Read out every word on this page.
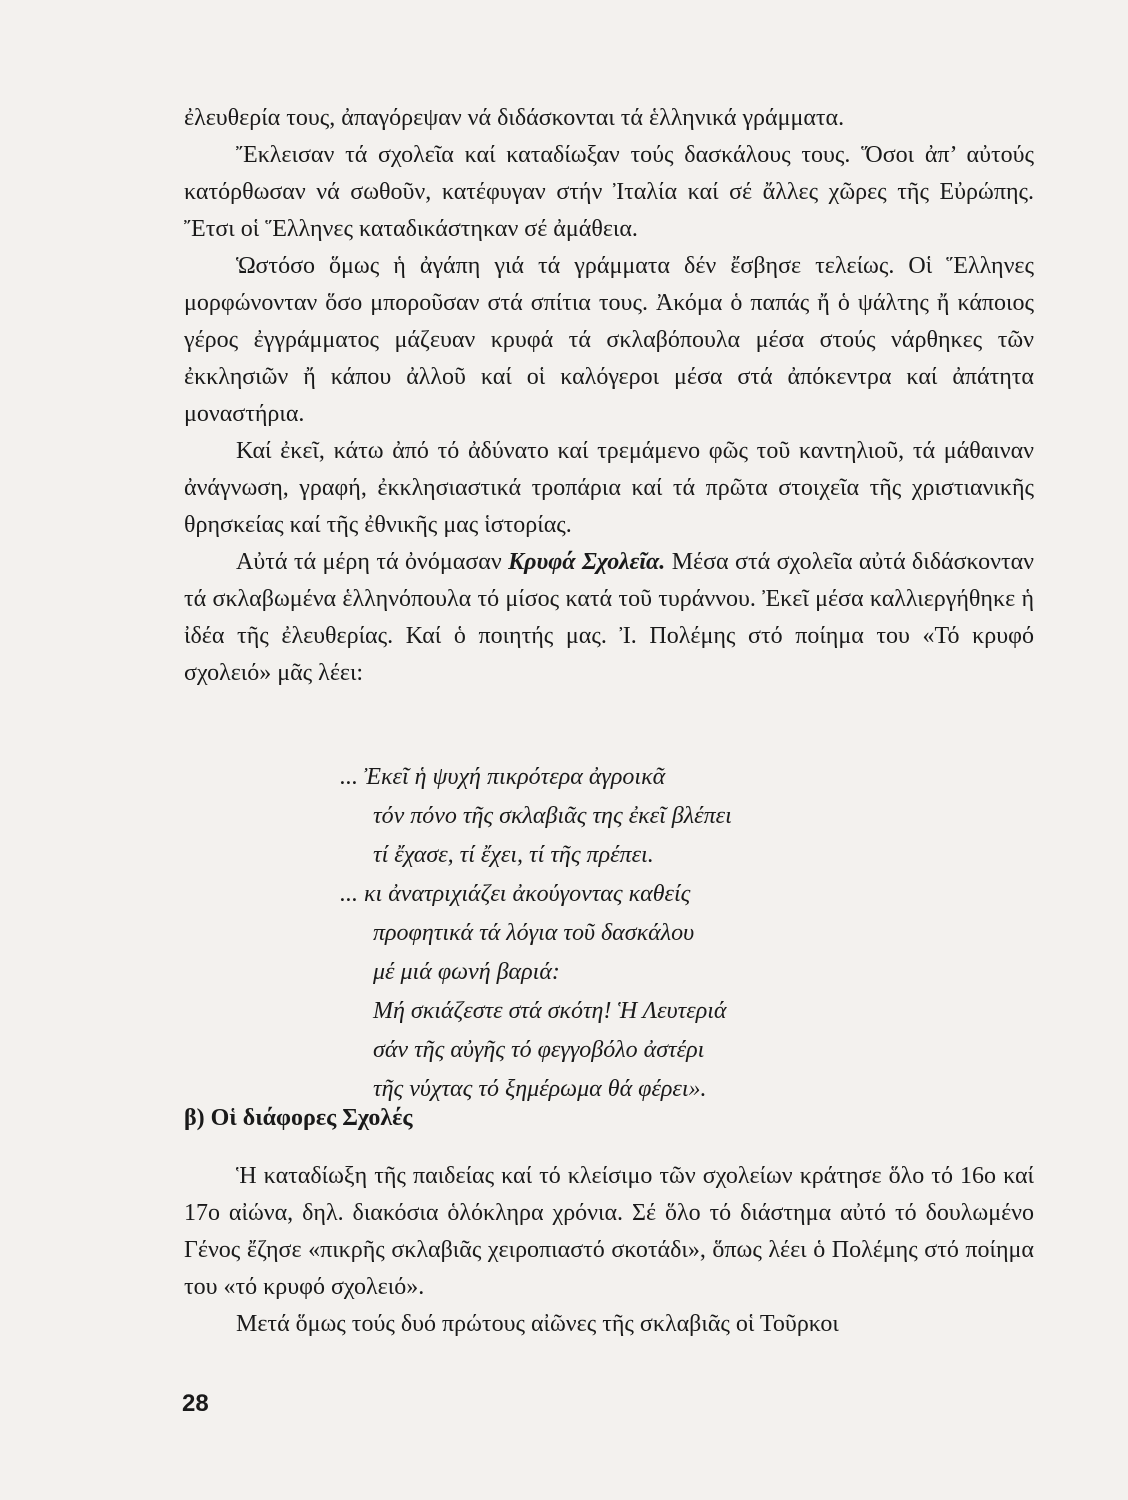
ἐλευθερία τους, ἀπαγόρεψαν νά διδάσκονται τά ἑλληνικά γράμματα.

Ἔκλεισαν τά σχολεῖα καί καταδίωξαν τούς δασκάλους τους. Ὅσοι ἀπ’ αὐτούς κατόρθωσαν νά σωθοῦν, κατέφυγαν στήν Ἰταλία καί σέ ἄλλες χῶρες τῆς Εὐρώπης. Ἔτσι οἱ Ἕλληνες καταδικάστηκαν σέ ἀμάθεια.

Ὡστόσο ὅμως ἡ ἀγάπη γιά τά γράμματα δέν ἔσβησε τελείως. Οἱ Ἕλληνες μορφώνονταν ὅσο μποροῦσαν στά σπίτια τους. Ἀκόμα ὁ παπάς ἤ ὁ ψάλτης ἤ κάποιος γέρος ἐγγράμματος μάζευαν κρυφά τά σκλαβόπουλα μέσα στούς νάρθηκες τῶν ἐκκλησιῶν ἤ κάπου ἀλλοῦ καί οἱ καλόγεροι μέσα στά ἀπόκεντρα καί ἀπάτητα μοναστήρια.

Καί ἐκεῖ, κάτω ἀπό τό ἀδύνατο καί τρεμάμενο φῶς τοῦ καντηλιοῦ, τά μάθαιναν ἀνάγνωση, γραφή, ἐκκλησιαστικά τροπάρια καί τά πρῶτα στοιχεῖα τῆς χριστιανικῆς θρησκείας καί τῆς ἐθνικῆς μας ἱστορίας.

Αὐτά τά μέρη τά ὀνόμασαν Κρυφά Σχολεῖα. Μέσα στά σχολεῖα αὐτά διδάσκονταν τά σκλαβωμένα ἑλληνόπουλα τό μίσος κατά τοῦ τυράννου. Ἐκεῖ μέσα καλλιεργήθηκε ἡ ἰδέα τῆς ἐλευθερίας. Καί ὁ ποιητής μας. Ἰ. Πολέμης στό ποίημα του «Τό κρυφό σχολειό» μᾶς λέει:

... Ἐκεῖ ἡ ψυχή πικρότερα ἀγροικᾶ
τόν πόνο τῆς σκλαβιᾶς της ἐκεῖ βλέπει
τί ἔχασε, τί ἔχει, τί τῆς πρέπει.
... κι ἀνατριχιάζει ἀκούγοντας καθείς
προφητικά τά λόγια τοῦ δασκάλου
μέ μιά φωνή βαριά:
Μή σκιάζεστε στά σκότη! Ἡ Λευτεριά
σάν τῆς αὐγῆς τό φεγγοβόλο ἀστέρι
τῆς νύχτας τό ξημέρωμα θά φέρει».
β) Οἱ διάφορες Σχολές

Ἡ καταδίωξη τῆς παιδείας καί τό κλείσιμο τῶν σχολείων κράτησε ὅλο τό 16ο καί 17ο αἰώνα, δηλ. διακόσια ὁλόκληρα χρόνια. Σέ ὅλο τό διάστημα αὐτό τό δουλωμένο Γένος ἔζησε «πικρῆς σκλαβιᾶς χειροπιαστό σκοτάδι», ὅπως λέει ὁ Πολέμης στό ποίημα του «τό κρυφό σχολειό».

Μετά ὅμως τούς δυό πρώτους αἰῶνες τῆς σκλαβιᾶς οἱ Τοῦρκοι

28
